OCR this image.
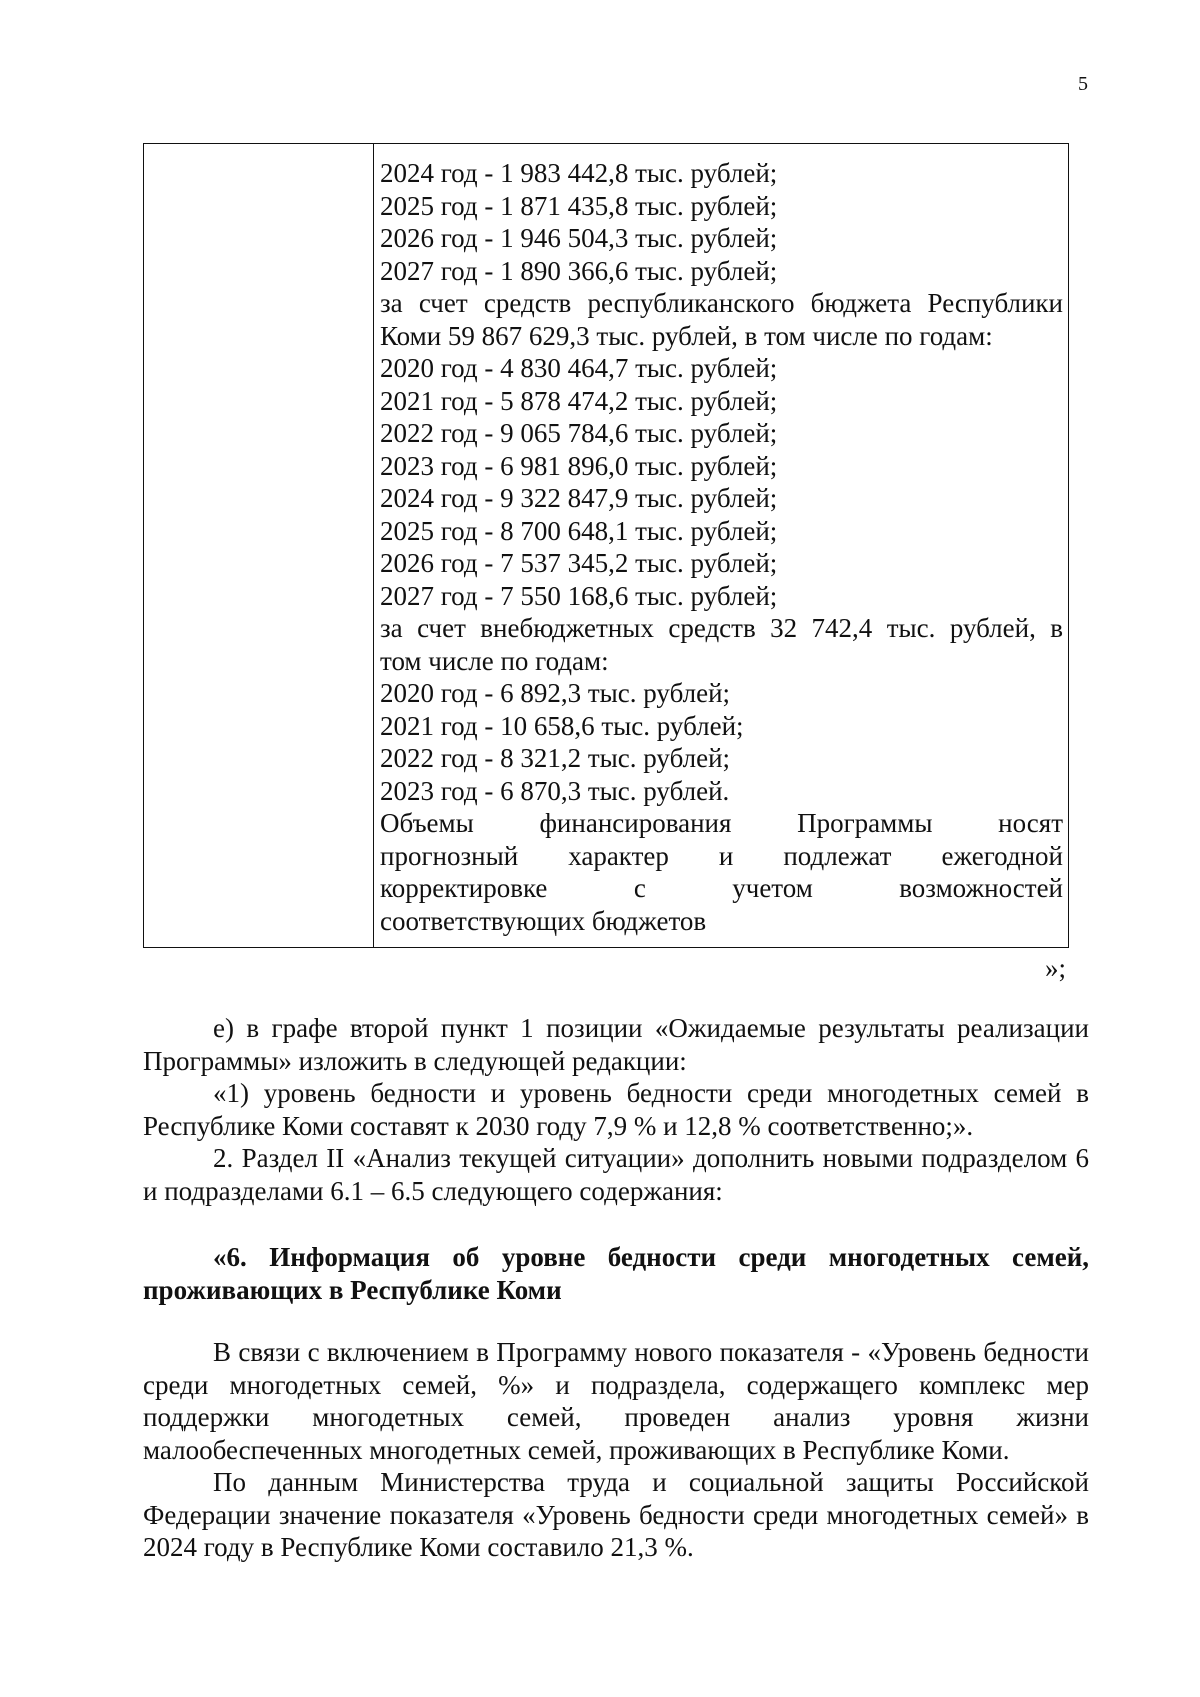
5
2024 год - 1 983 442,8 тыс. рублей;
2025 год - 1 871 435,8 тыс. рублей;
2026 год - 1 946 504,3 тыс. рублей;
2027 год - 1 890 366,6 тыс. рублей;
за счет средств республиканского бюджета Республики
Коми 59 867 629,3 тыс. рублей, в том числе по годам:
2020 год - 4 830 464,7 тыс. рублей;
2021 год - 5 878 474,2 тыс. рублей;
2022 год - 9 065 784,6 тыс. рублей;
2023 год - 6 981 896,0 тыс. рублей;
2024 год - 9 322 847,9 тыс. рублей;
2025 год - 8 700 648,1 тыс. рублей;
2026 год - 7 537 345,2 тыс. рублей;
2027 год - 7 550 168,6 тыс. рублей;
за счет внебюджетных средств 32 742,4 тыс. рублей, в
том числе по годам:
2020 год - 6 892,3 тыс. рублей;
2021 год - 10 658,6 тыс. рублей;
2022 год - 8 321,2 тыс. рублей;
2023 год - 6 870,3 тыс. рублей.
Объемы финансирования Программы носят
прогнозный характер и подлежат ежегодной
корректировке с учетом возможностей
соответствующих бюджетов
»;

е) в графе второй пункт 1 позиции «Ожидаемые результаты реализации Программы» изложить в следующей редакции:

«1) уровень бедности и уровень бедности среди многодетных семей в Республике Коми составят к 2030 году 7,9 % и 12,8 % соответственно;».

2. Раздел II «Анализ текущей ситуации» дополнить новыми подразделом 6 и подразделами 6.1 – 6.5 следующего содержания:

«6. Информация об уровне бедности среди многодетных семей, проживающих в Республике Коми

В связи с включением в Программу нового показателя - «Уровень бедности среди многодетных семей, %» и подраздела, содержащего комплекс мер поддержки многодетных семей, проведен анализ уровня жизни малообеспеченных многодетных семей, проживающих в Республике Коми.

По данным Министерства труда и социальной защиты Российской Федерации значение показателя «Уровень бедности среди многодетных семей» в 2024 году в Республике Коми составило 21,3 %.
